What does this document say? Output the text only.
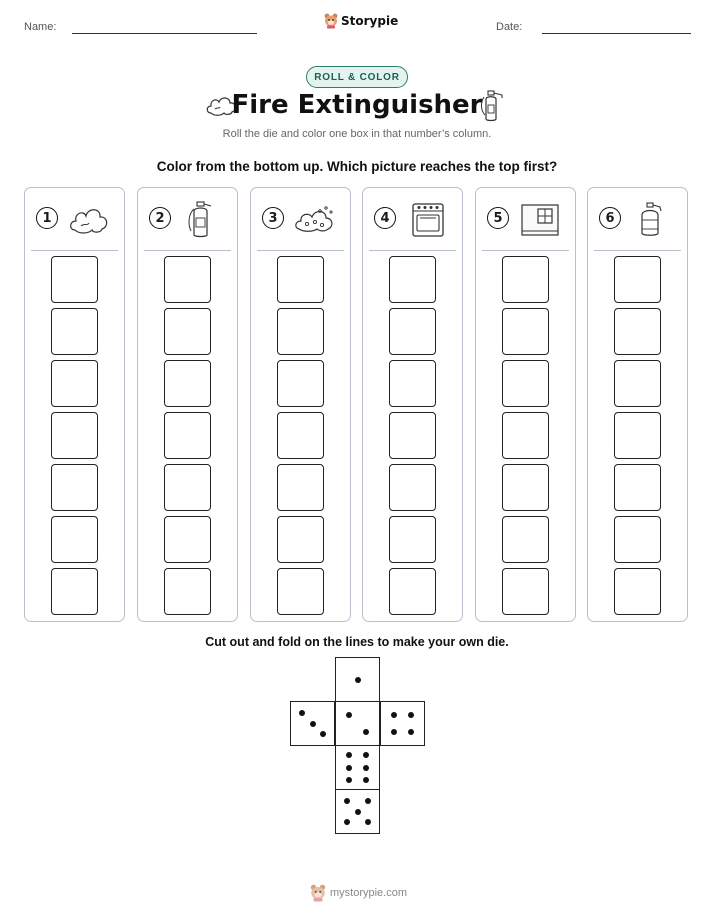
Name:	Storypie	Date:
ROLL & COLOR
Fire Extinguisher
Roll the die and color one box in that number’s column.
Color from the bottom up. Which picture reaches the top first?
1	2	3	4	5	6
Cut out and fold on the lines to make your own die.
mystorypie.com
